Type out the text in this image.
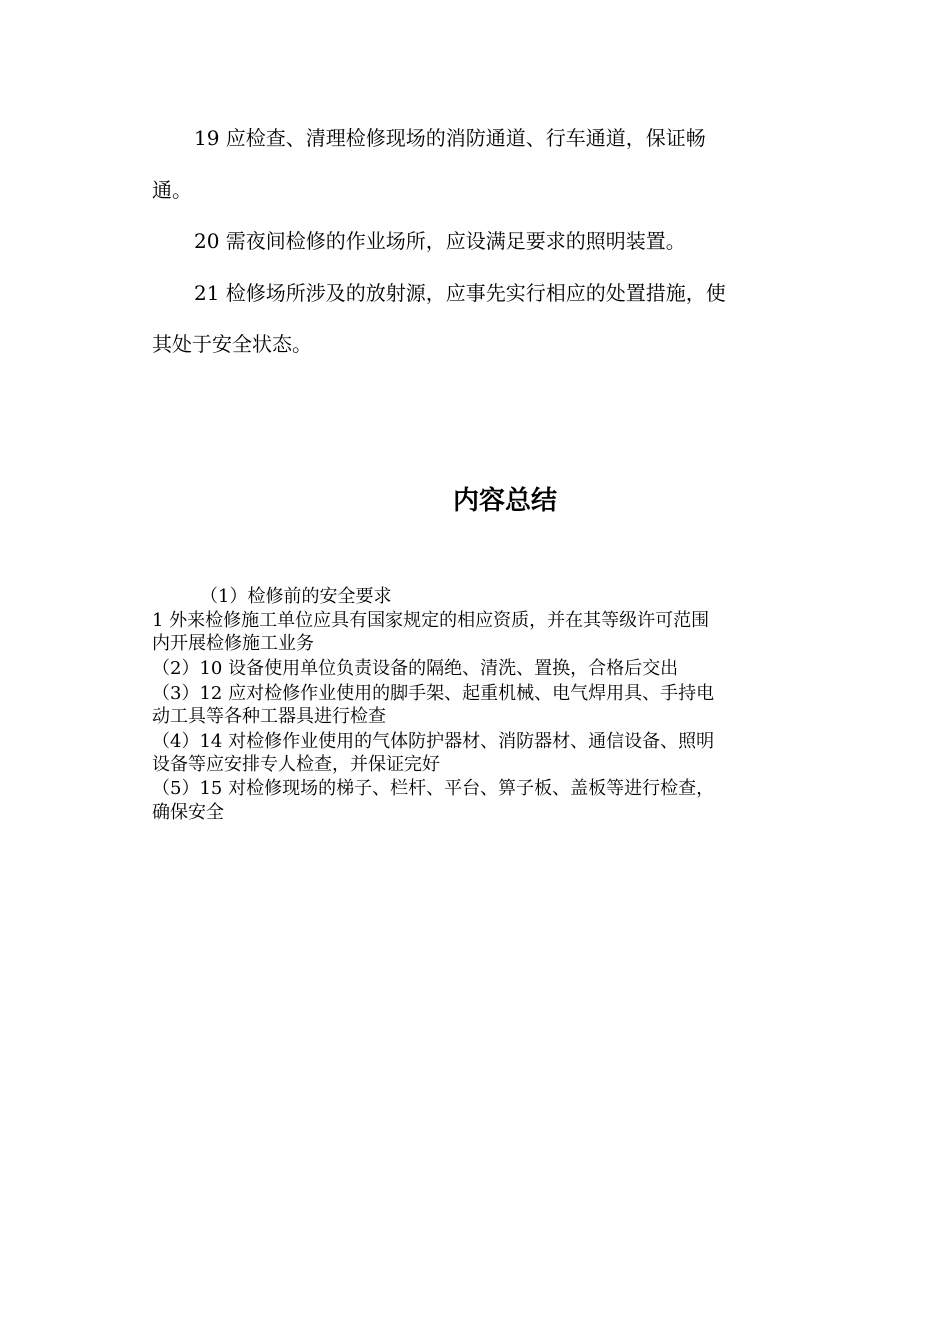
19 应检查、清理检修现场的消防通道、行车通道，保证畅

通。

20 需夜间检修的作业场所，应设满足要求的照明装置。

21 检修场所涉及的放射源，应事先实行相应的处置措施，使

其处于安全状态。

内容总结

（1）检修前的安全要求

1 外来检修施工单位应具有国家规定的相应资质，并在其等级许可范围

内开展检修施工业务

（2）10 设备使用单位负责设备的隔绝、清洗、置换，合格后交出

（3）12 应对检修作业使用的脚手架、起重机械、电气焊用具、手持电

动工具等各种工器具进行检查

（4）14 对检修作业使用的气体防护器材、消防器材、通信设备、照明

设备等应安排专人检查，并保证完好

（5）15 对检修现场的梯子、栏杆、平台、箅子板、盖板等进行检查，

确保安全
